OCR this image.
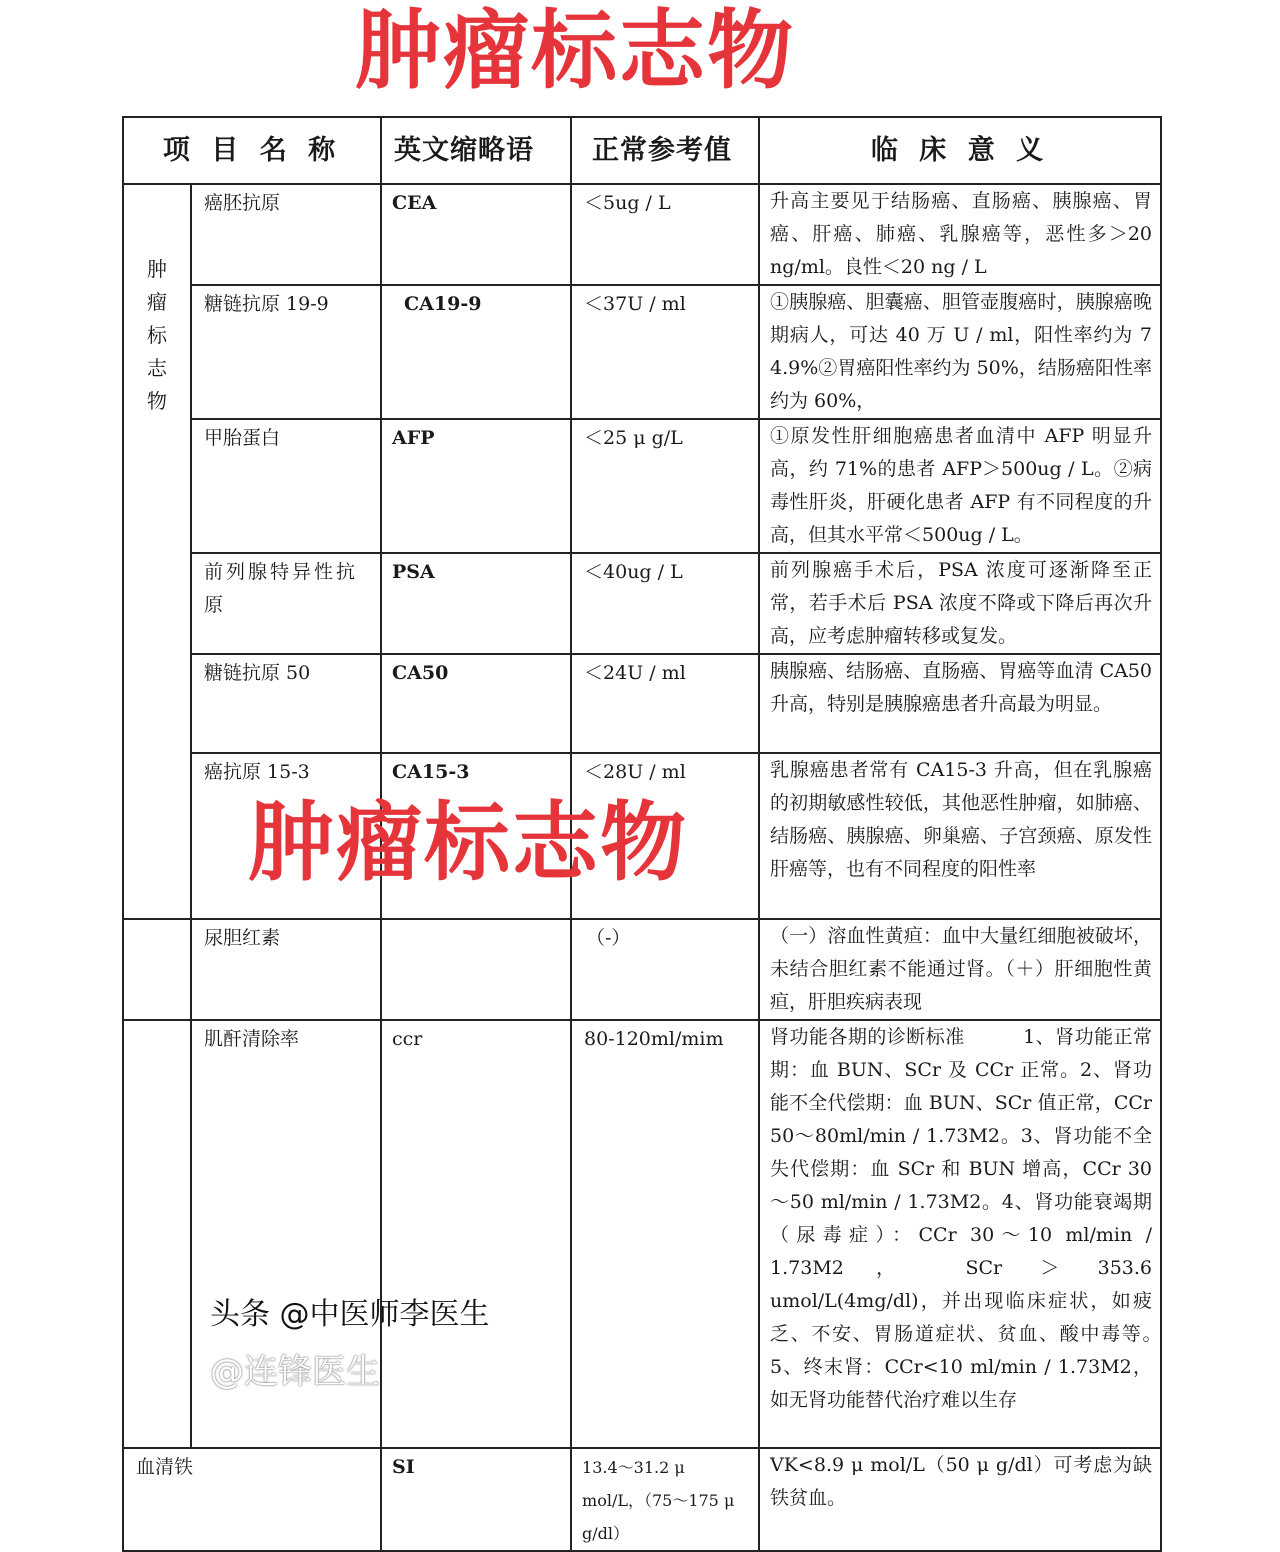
肿瘤标志物
项 目 名 称		英文缩略语	正常参考值	临 床 意 义

肿
瘤
标
志
物	癌胚抗原	CEA	＜5ug / L	升高主要见于结肠癌、直肠癌、胰腺癌、胃癌、肝癌、肺癌、乳腺癌等，恶性多＞20 ng/ml。良性＜20 ng / L
	糖链抗原 19-9	CA19-9	＜37U / ml	①胰腺癌、胆囊癌、胆管壶腹癌时，胰腺癌晚期病人，可达 40 万 U / ml，阳性率约为 7 4.9%②胃癌阳性率约为 50%，结肠癌阳性率约为 60%，
	甲胎蛋白	AFP	＜25 μ g/L	①原发性肝细胞癌患者血清中 AFP 明显升高，约 71%的患者 AFP＞500ug / L。②病毒性肝炎，肝硬化患者 AFP 有不同程度的升高，但其水平常＜500ug / L。
	前列腺特异性抗原	PSA	＜40ug / L	前列腺癌手术后，PSA 浓度可逐渐降至正常，若手术后 PSA 浓度不降或下降后再次升高，应考虑肿瘤转移或复发。
	糖链抗原 50	CA50	＜24U / ml	胰腺癌、结肠癌、直肠癌、胃癌等血清 CA50 升高，特别是胰腺癌患者升高最为明显。
	癌抗原 15-3	CA15-3	＜28U / ml	乳腺癌患者常有 CA15-3 升高，但在乳腺癌的初期敏感性较低，其他恶性肿瘤，如肺癌、结肠癌、胰腺癌、卵巢癌、子宫颈癌、原发性肝癌等，也有不同程度的阳性率
	尿胆红素		（-）	（一）溶血性黄疸：血中大量红细胞被破坏，未结合胆红素不能通过肾。（＋）肝细胞性黄疸，肝胆疾病表现
	肌酐清除率	ccr	80-120ml/mim	肾功能各期的诊断标准　　　1、肾功能正常期：血 BUN、SCr 及 CCr 正常。2、肾功能不全代偿期：血 BUN、SCr 值正常，CCr 50～80ml/min / 1.73M2。3、肾功能不全失代偿期：血 SCr 和 BUN 增高，CCr 30～50 ml/min / 1.73M2。4、肾功能衰竭期（尿毒症）：CCr 30～10 ml/min / 1.73M2， SCr ＞ 353.6 umol/L(4mg/dl)，并出现临床症状，如疲乏、不安、胃肠道症状、贫血、酸中毒等。　　 5、终末肾：CCr<10 ml/min / 1.73M2，如无肾功能替代治疗难以生存
血清铁		SI	13.4～31.2 μ mol/L，（75～175 μ g/dl）	VK<8.9 μ mol/L（50 μ g/dl）可考虑为缺铁贫血。
肿瘤标志物
头条 @中医师李医生
@连锋医生
